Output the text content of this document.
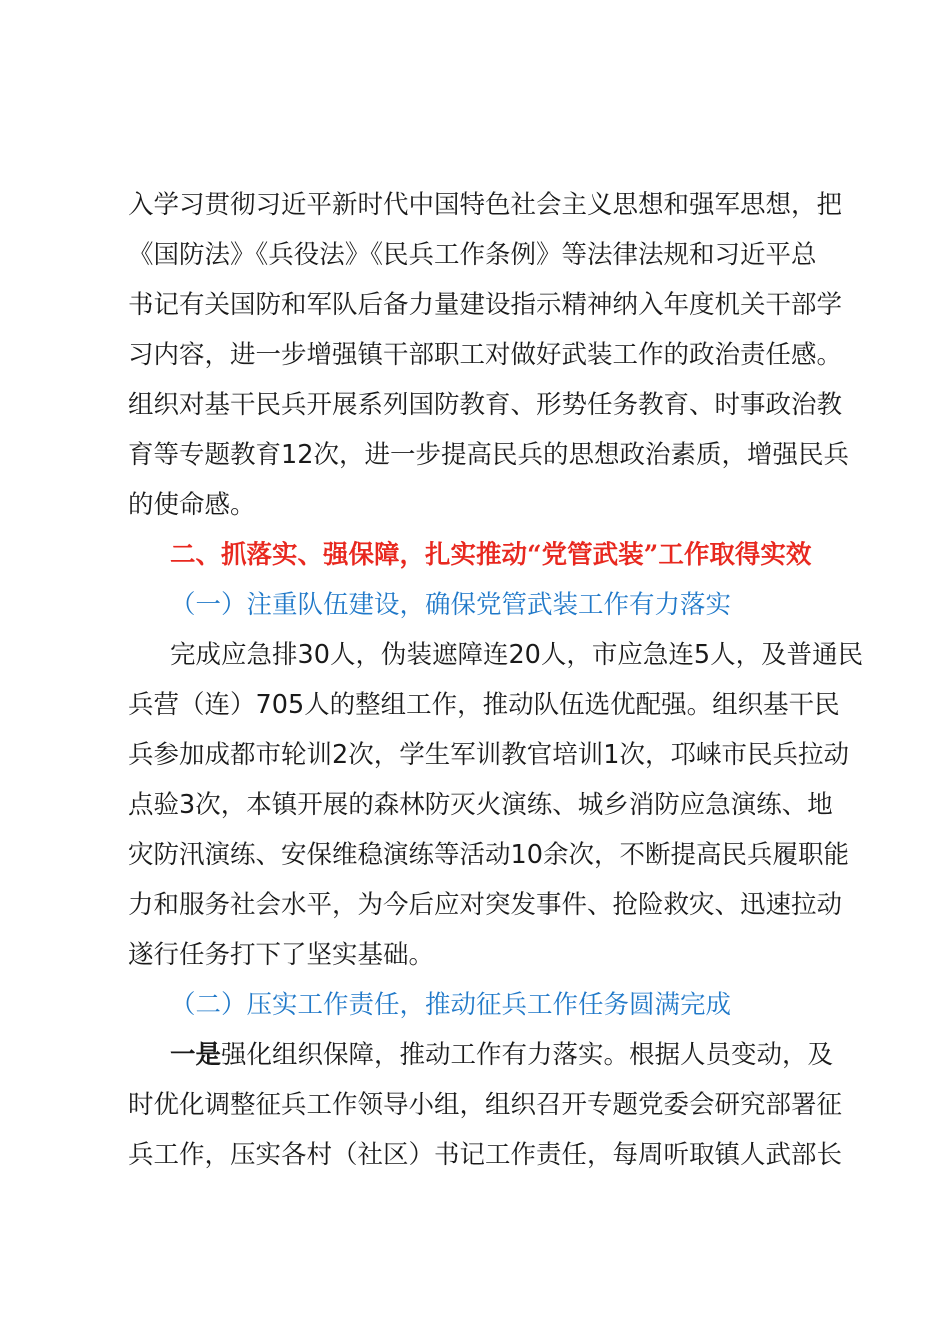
入学习贯彻习近平新时代中国特色社会主义思想和强军思想，把
《国防法》《兵役法》《民兵工作条例》等法律法规和习近平总
书记有关国防和军队后备力量建设指示精神纳入年度机关干部学
习内容，进一步增强镇干部职工对做好武装工作的政治责任感。
组织对基干民兵开展系列国防教育、形势任务教育、时事政治教
育等专题教育12次，进一步提高民兵的思想政治素质，增强民兵
的使命感。
二、抓落实、强保障，扎实推动“党管武装”工作取得实效
（一）注重队伍建设，确保党管武装工作有力落实
完成应急排30人，伪装遮障连20人，市应急连5人，及普通民
兵营（连）705人的整组工作，推动队伍选优配强。组织基干民
兵参加成都市轮训2次，学生军训教官培训1次，邛崃市民兵拉动
点验3次，本镇开展的森林防灭火演练、城乡消防应急演练、地
灾防汛演练、安保维稳演练等活动10余次，不断提高民兵履职能
力和服务社会水平，为今后应对突发事件、抢险救灾、迅速拉动
遂行任务打下了坚实基础。
（二）压实工作责任，推动征兵工作任务圆满完成
一是强化组织保障，推动工作有力落实。根据人员变动，及
时优化调整征兵工作领导小组，组织召开专题党委会研究部署征
兵工作，压实各村（社区）书记工作责任，每周听取镇人武部长
